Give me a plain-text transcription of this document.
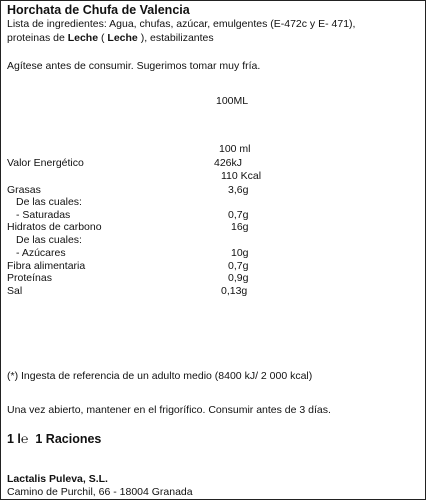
Horchata de Chufa de Valencia
Lista de ingredientes: Agua, chufas, azúcar, emulgentes (E-472c y E- 471),
proteinas de Leche ( Leche ), estabilizantes
Agítese antes de consumir. Sugerimos tomar muy fría.
100ML
100 ml
Valor Energético	426kJ
110 Kcal
Grasas	3,6g
De las cuales:
- Saturadas	0,7g
Hidratos de carbono	16g
De las cuales:
- Azúcares	10g
Fibra alimentaria	0,7g
Proteínas	0,9g
Sal	0,13g
(*) Ingesta de referencia de un adulto medio (8400 kJ/ 2 000 kcal)
Una vez abierto, mantener en el frigorífico. Consumir antes de 3 días.
1 l℮ 1 Raciones
Lactalis Puleva, S.L.
Camino de Purchil, 66 - 18004 Granada
